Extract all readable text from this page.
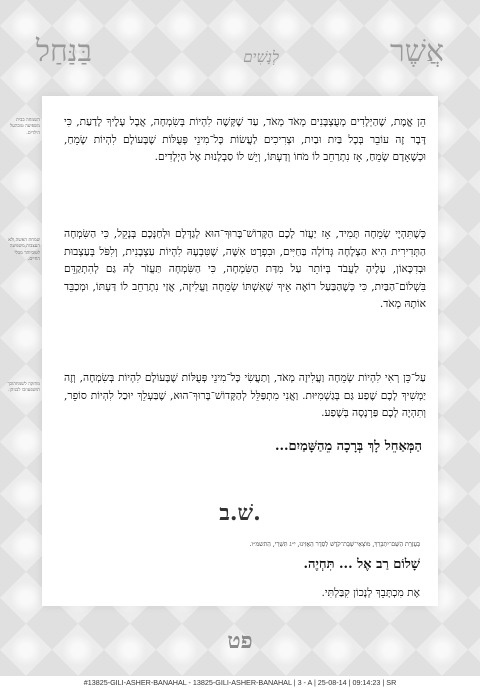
אֲשֶׁר
לְנָשִׁים
בַּנַּחַל
השמחה בבית משפיעה טובהעל הילדים.
שמחת האשה,ולא העצבות,משפיעה לטוביותר מבלי החיים.
מחזקה לשמחהוכך תושפעוזכו לבניהן.

הֵן אֱמֶת, שֶׁהַיְלָדִים מְעֻצְבָּנִים מְאֹד מְאֹד, עַד שֶׁקָּשֶׁה לִהְיוֹת בְּשִׂמְחָה, אֲבָל עָלֶיךָ לָדַעַת, כִּי דָּבָר זֶה עוֹבֵר בְּכָל בַּיִת וּבַיִת, וּצְרִיכִים לַעֲשׂוֹת כָּל־מִינֵי פְּעֻלּוֹת שֶׁבָּעוֹלָם לִהְיוֹת שָׂמֵחַ, וּכְשֶׁאָדָם שָׂמֵחַ, אָז נִתְרַחֵב לוֹ מֹחוֹ וְדַעְתּוֹ, וְיֵשׁ לוֹ סַבְלָנוּת אֶל הַיְלָדִים.

כְּשֶׁתִּהְיֶי שְׂמֵחָה תָּמִיד, אָז יַעֲזֹר לָכֶם הַקָּדוֹשׁ־בָּרוּךְ־הוּא לְגַדְּלָם וּלְחַנְּכָם בְּנָקֵל, כִּי הַשִּׂמְחָה הַתְּדִירִית הִיא הַצְלָחָה גְּדוֹלָה בַּחַיִּים, וּבִפְרָט אִשָּׁה, שֶׁטִּבְעָהּ לִהְיוֹת עַצְבָנִית, וְלִפֹּל בְּעַצְבוּת וּבְדִכָּאוֹן, עָלֶיהָ לַעֲבֹד בְּיוֹתֵר עַל מִדַּת הַשִּׂמְחָה, כִּי הַשִּׂמְחָה תַּעֲזֹר לָהּ גַּם לְהִתְקַדֵּם בִּשְׁלוֹם־הַבַּיִת, כִּי כְּשֶׁהַבַּעַל רוֹאֶה אֵיךְ שֶׁאִשְׁתּוֹ שְׂמֵחָה וַעֲלִיזָה, אֲזַי נִתְרַחֵב לוֹ דַּעְתּוֹ, וּמְכַבֵּד אוֹתָהּ מְאֹד.

עַל־כֵּן רְאִי לִהְיוֹת שְׂמֵחָה וַעֲלִיזָה מְאֹד, וְתַעֲשִׂי כָּל־מִינֵי פְּעֻלּוֹת שֶׁבָּעוֹלָם לִהְיוֹת בְּשִׂמְחָה, וְזֶה יַמְשִׁיךְ לָכֶם שֶׁפַע גַּם בְּגַשְׁמִיּוּת. וַאֲנִי מִתְפַּלֵּל לְהַקָּדוֹשׁ־בָּרוּךְ־הוּא, שֶׁבַּעְלֵךְ יוּכַל לִהְיוֹת סוֹפֵר, וְתִהְיֶה לָכֶם פַּרְנָסָה בְּשֶׁפַע.

הַמְּאַחֵל לָךְ בְּרָכָה מֵהַשָּׁמַיִם...
שׁ.ב.
בְּעֶזְרַת הַשֵּׁם־יִתְבָּרַךְ, מוֹצָאֵי־שַׁבַּת־קֹדֶשׁ לְסֵדֶר הַאֲזִינוּ, י״ג תִּשְׁרֵי, הַתשמ״ו.
שָׁלוֹם רַב אֶל ... תִּחְיֶה.
אֶת מִכְתָּבֵךְ לְנָכוֹן קִבַּלְתִּי.
פט
#13825-GILI-ASHER-BANAHAL - 13825-GILI-ASHER-BANAHAL | 3 - A | 25-08-14 | 09:14:23 | SR
